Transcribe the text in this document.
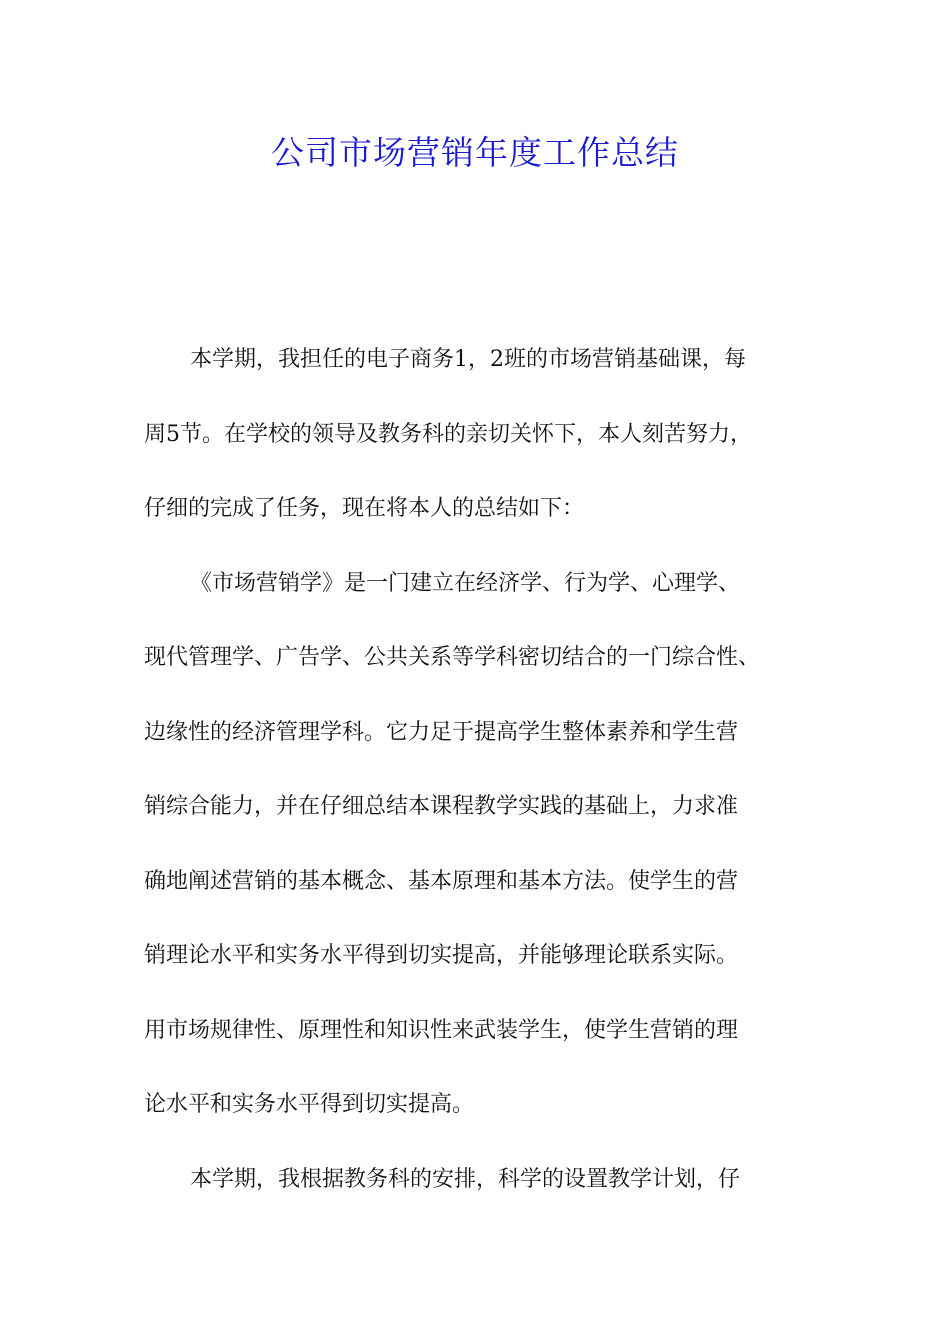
公司市场营销年度工作总结
本学期，我担任的电子商务1，2班的市场营销基础课，每
周5节。在学校的领导及教务科的亲切关怀下，本人刻苦努力，
仔细的完成了任务，现在将本人的总结如下：
《市场营销学》是一门建立在经济学、行为学、心理学、
现代管理学、广告学、公共关系等学科密切结合的一门综合性、
边缘性的经济管理学科。它力足于提高学生整体素养和学生营
销综合能力，并在仔细总结本课程教学实践的基础上，力求准
确地阐述营销的基本概念、基本原理和基本方法。使学生的营
销理论水平和实务水平得到切实提高，并能够理论联系实际。
用市场规律性、原理性和知识性来武装学生，使学生营销的理
论水平和实务水平得到切实提高。
本学期，我根据教务科的安排，科学的设置教学计划，仔
